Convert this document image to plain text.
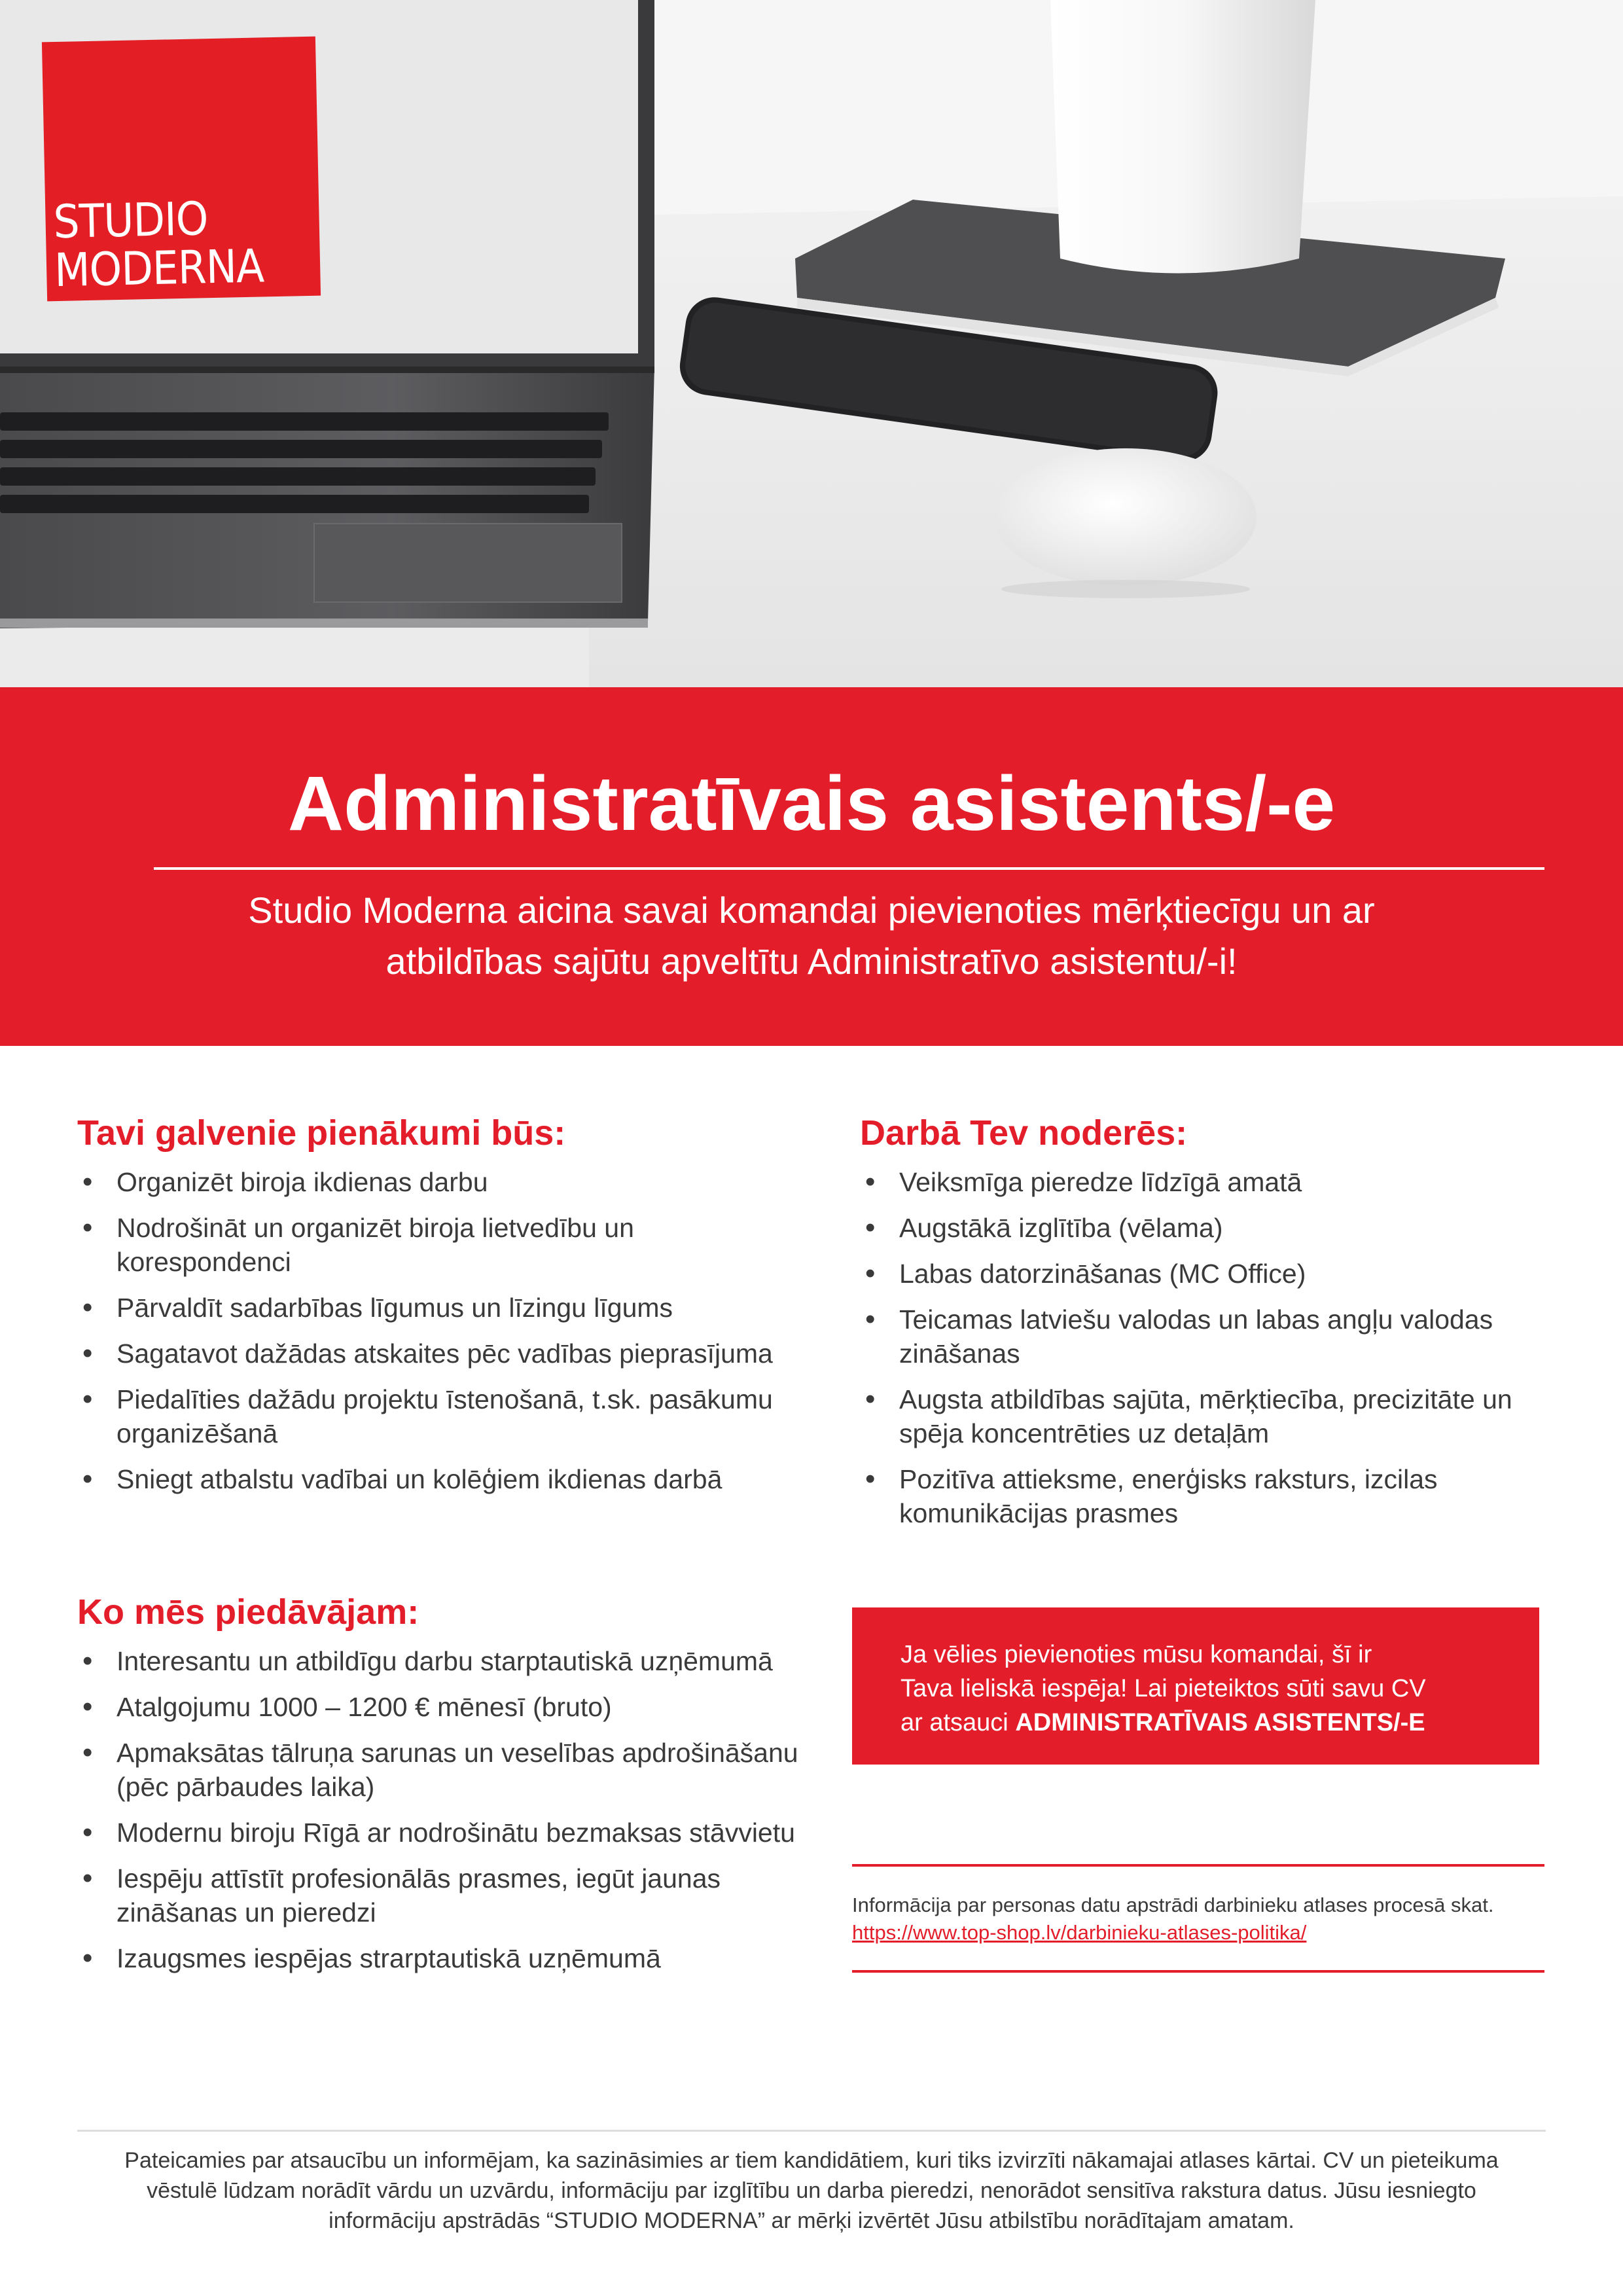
STUDIO
MODERNA
Administratīvais asistents/-e
Studio Moderna aicina savai komandai pievienoties mērķtiecīgu un ar
atbildības sajūtu apveltītu Administratīvo asistentu/-i!
Tavi galvenie pienākumi būs:
• Organizēt biroja ikdienas darbu
• Nodrošināt un organizēt biroja lietvedību un korespondenci
• Pārvaldīt sadarbības līgumus un līzingu līgums
• Sagatavot dažādas atskaites pēc vadības pieprasījuma
• Piedalīties dažādu projektu īstenošanā, t.sk. pasākumu organizēšanā
• Sniegt atbalstu vadībai un kolēģiem ikdienas darbā
Darbā Tev noderēs:
• Veiksmīga pieredze līdzīgā amatā
• Augstākā izglītība (vēlama)
• Labas datorzināšanas (MC Office)
• Teicamas latviešu valodas un labas angļu valodas zināšanas
• Augsta atbildības sajūta, mērķtiecība, precizitāte un spēja koncentrēties uz detaļām
• Pozitīva attieksme, enerģisks raksturs, izcilas komunikācijas prasmes
Ko mēs piedāvājam:
• Interesantu un atbildīgu darbu starptautiskā uzņēmumā
• Atalgojumu 1000 – 1200 € mēnesī (bruto)
• Apmaksātas tālruņa sarunas un veselības apdrošināšanu (pēc pārbaudes laika)
• Modernu biroju Rīgā ar nodrošinātu bezmaksas stāvvietu
• Iespēju attīstīt profesionālās prasmes, iegūt jaunas zināšanas un pieredzi
• Izaugsmes iespējas strarptautiskā uzņēmumā
Ja vēlies pievienoties mūsu komandai, šī ir
Tava lieliskā iespēja! Lai pieteiktos sūti savu CV
ar atsauci ADMINISTRATĪVAIS ASISTENTS/-E
Informācija par personas datu apstrādi darbinieku atlases procesā skat. https://www.top-shop.lv/darbinieku-atlases-politika/
Pateicamies par atsaucību un informējam, ka sazināsimies ar tiem kandidātiem, kuri tiks izvirzīti nākamajai atlases kārtai. CV un pieteikuma
vēstulē lūdzam norādīt vārdu un uzvārdu, informāciju par izglītību un darba pieredzi, nenorādot sensitīva rakstura datus. Jūsu iesniegto
informāciju apstrādās “STUDIO MODERNA” ar mērķi izvērtēt Jūsu atbilstību norādītajam amatam.
